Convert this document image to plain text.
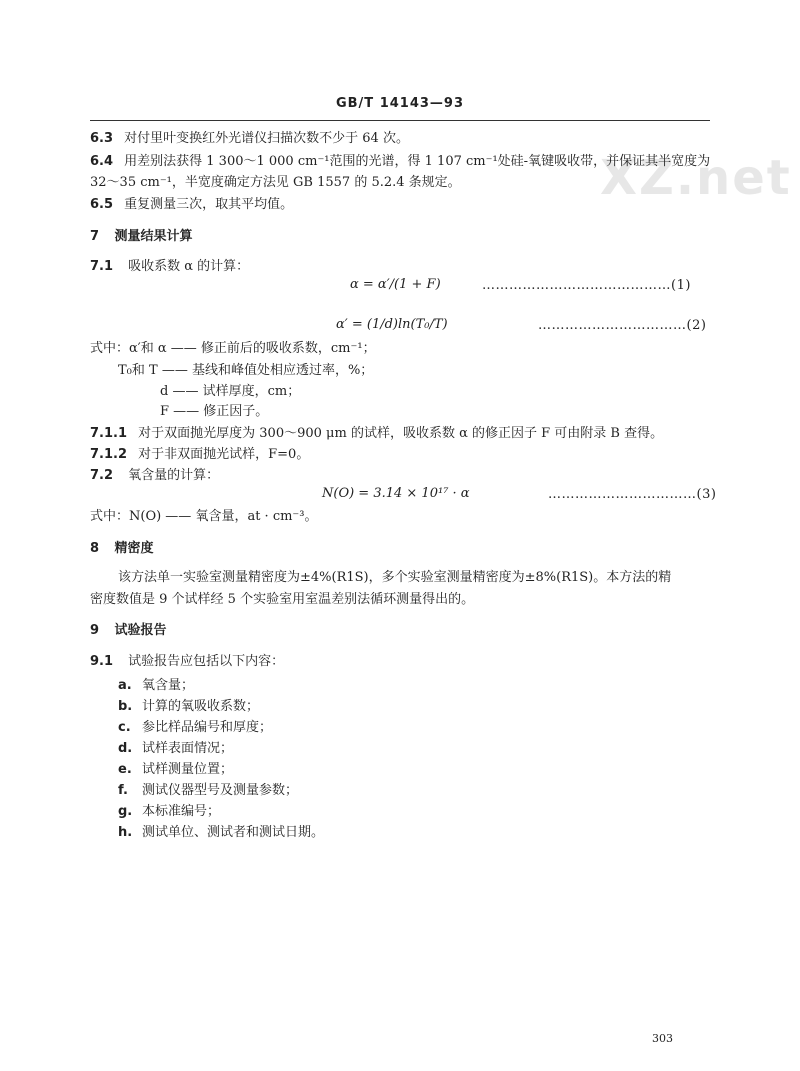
GB/T 14143—93
XZ.net
6.3 对付里叶变换红外光谱仪扫描次数不少于 64 次。
6.4 用差别法获得 1 300～1 000 cm⁻¹范围的光谱，得 1 107 cm⁻¹处硅-氧键吸收带，并保证其半宽度为
32～35 cm⁻¹，半宽度确定方法见 GB 1557 的 5.2.4 条规定。
6.5 重复测量三次，取其平均值。
7 测量结果计算
7.1 吸收系数 α 的计算：
α = α′/(1 + F)	……………………………………(1)
α′ = (1/d)ln(T₀/T)	……………………………(2)
式中：α′和 α —— 修正前后的吸收系数，cm⁻¹；
T₀和 T —— 基线和峰值处相应透过率，%；
d —— 试样厚度，cm；
F —— 修正因子。
7.1.1 对于双面抛光厚度为 300～900 μm 的试样，吸收系数 α 的修正因子 F 可由附录 B 查得。
7.1.2 对于非双面抛光试样，F=0。
7.2 氧含量的计算：
N(O) = 3.14 × 10¹⁷ · α	……………………………(3)
式中：N(O) —— 氧含量，at · cm⁻³。
8 精密度
该方法单一实验室测量精密度为±4%(R1S)，多个实验室测量精密度为±8%(R1S)。本方法的精
密度数值是 9 个试样经 5 个实验室用室温差别法循环测量得出的。
9 试验报告
9.1 试验报告应包括以下内容：
a. 氧含量；
b. 计算的氧吸收系数；
c. 参比样品编号和厚度；
d. 试样表面情况；
e. 试样测量位置；
f. 测试仪器型号及测量参数；
g. 本标准编号；
h. 测试单位、测试者和测试日期。
303
